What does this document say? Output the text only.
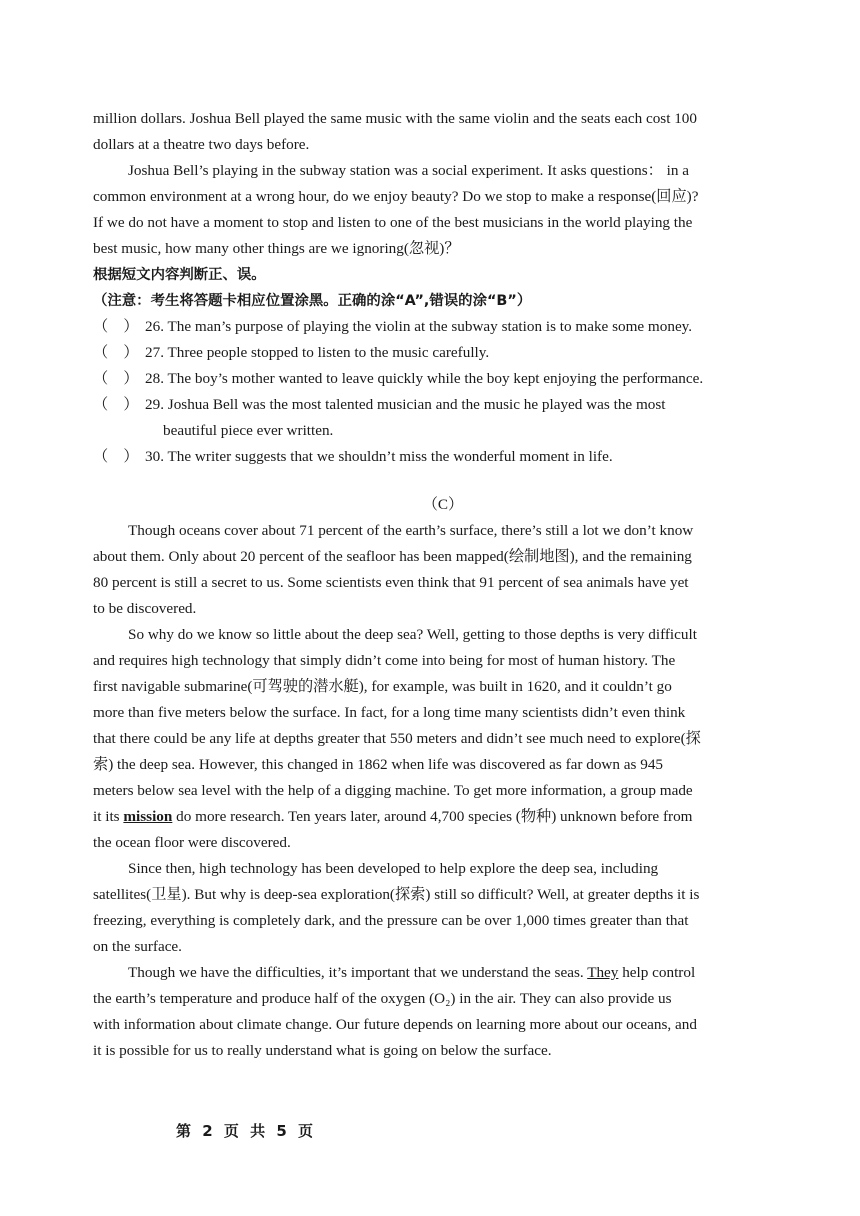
million dollars. Joshua Bell played the same music with the same violin and the seats each cost 100
dollars at a theatre two days before.
Joshua Bell’s playing in the subway station was a social experiment. It asks questions： in a
common environment at a wrong hour, do we enjoy beauty? Do we stop to make a response(回应)?
If we do not have a moment to stop and listen to one of the best musicians in the world playing the
best music, how many other things are we ignoring(忽视)？
根据短文内容判断正、误。
（注意：考生将答题卡相应位置涂黑。正确的涂“A”,错误的涂“B”）
（　） 26. The man’s purpose of playing the violin at the subway station is to make some money.
（　） 27. Three people stopped to listen to the music carefully.
（　） 28. The boy’s mother wanted to leave quickly while the boy kept enjoying the performance.
（　） 29. Joshua Bell was the most talented musician and the music he played was the most
beautiful piece ever written.
（　） 30. The writer suggests that we shouldn’t miss the wonderful moment in life.
（C）
Though oceans cover about 71 percent of the earth’s surface, there’s still a lot we don’t know
about them. Only about 20 percent of the seafloor has been mapped(绘制地图), and the remaining
80 percent is still a secret to us. Some scientists even think that 91 percent of sea animals have yet
to be discovered.
So why do we know so little about the deep sea? Well, getting to those depths is very difficult
and requires high technology that simply didn’t come into being for most of human history. The
first navigable submarine(可驾驶的潜水艇), for example, was built in 1620, and it couldn’t go
more than five meters below the surface. In fact, for a long time many scientists didn’t even think
that there could be any life at depths greater that 550 meters and didn’t see much need to explore(探
索) the deep sea. However, this changed in 1862 when life was discovered as far down as 945
meters below sea level with the help of a digging machine. To get more information, a group made
it its mission do more research. Ten years later, around 4,700 species (物种) unknown before from
the ocean floor were discovered.
Since then, high technology has been developed to help explore the deep sea, including
satellites(卫星). But why is deep-sea exploration(探索) still so difficult? Well, at greater depths it is
freezing, everything is completely dark, and the pressure can be over 1,000 times greater than that
on the surface.
Though we have the difficulties, it’s important that we understand the seas. They help control
the earth’s temperature and produce half of the oxygen (O₂) in the air. They can also provide us
with information about climate change. Our future depends on learning more about our oceans, and
it is possible for us to really understand what is going on below the surface.
第 2 页 共 5 页
